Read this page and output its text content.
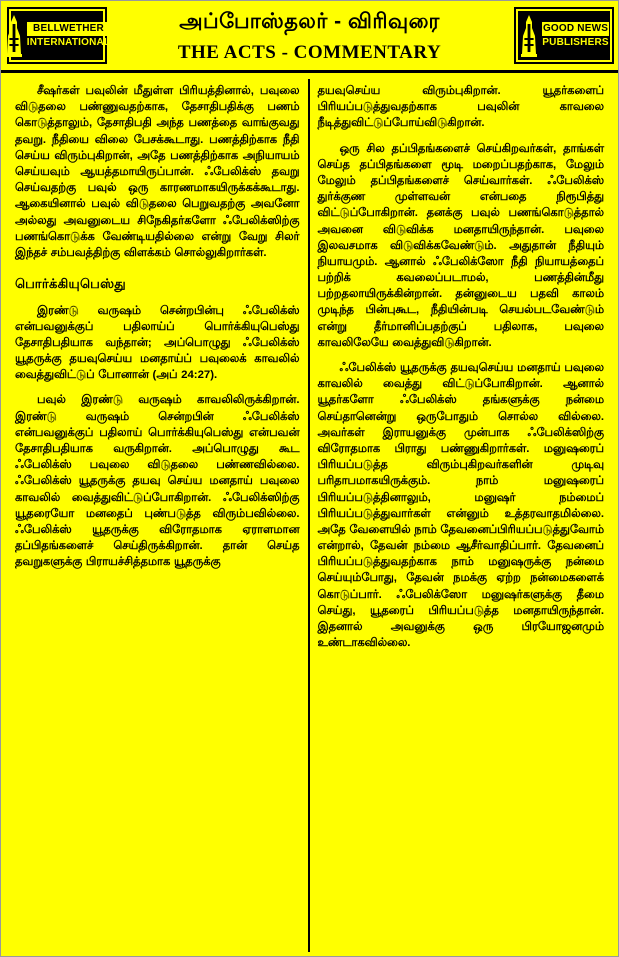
BELLWETHER
INTERNATIONAL
அப்போஸ்தலர் - விரிவுரை
THE ACTS - COMMENTARY
GOOD NEWS
PUBLISHERS

சீஷர்கள் பவுலின் மீதுள்ள பிரியத்தினால், பவுலை விடுதலை பண்ணுவதற்காக, தேசாதிபதிக்கு பணம் கொடுத்தாலும், தேசாதிபதி அந்த பணத்தை வாங்குவது தவறு. நீதியை விலை பேசக்கூடாது. பணத்திற்காக நீதி செய்ய விரும்புகிறான், அதே பணத்திற்காக அநியாயம் செய்யவும் ஆயத்தமாயிருப்பான். ஃபேலிக்ஸ் தவறு செய்வதற்கு பவுல் ஒரு காரணமாகயிருக்கக்கூடாது. ஆகையினால் பவுல் விடுதலை பெறுவதற்கு அவனோ அல்லது அவனுடைய சிநேகிதர்களோ ஃபேலிக்ஸிற்கு பணங்கொடுக்க வேண்டியதில்லை என்று வேறு சிலர் இந்தச் சம்பவத்திற்கு விளக்கம் சொல்லுகிறார்கள்.

பொர்க்கியுபெஸ்து

இரண்டு வருஷம் சென்றபின்பு ஃபேலிக்ஸ் என்பவனுக்குப் பதிலாய்ப் பொர்க்கியுபெஸ்து தேசாதிபதியாக வந்தான்; அப்பொழுது ஃபேலிக்ஸ் யூதருக்கு தயவுசெய்ய மனதாய்ப் பவுலைக் காவலில் வைத்துவிட்டுப் போனான் (அப் 24:27).

பவுல் இரண்டு வருஷம் காவலிலிருக்கிறான். இரண்டு வருஷம் சென்றபின் ஃபேலிக்ஸ் என்பவனுக்குப் பதிலாய் பொர்க்கியுபெஸ்து என்பவன் தேசாதிபதியாக வருகிறான். அப்பொழுது கூட ஃபேலிக்ஸ் பவுலை விடுதலை பண்ணவில்லை. ஃபேலிக்ஸ் யூதருக்கு தயவு செய்ய மனதாய் பவுலை காவலில் வைத்துவிட்டுப்போகிறான். ஃபேலிக்ஸிற்கு யூதரையோ மனதைப் புண்படுத்த விரும்பவில்லை. ஃபேலிக்ஸ் யூதருக்கு விரோதமாக ஏராளமான தப்பிதங்களைச் செய்திருக்கிறான். தான் செய்த தவறுகளுக்கு பிராயச்சித்தமாக யூதருக்கு

தயவுசெய்ய விரும்புகிறான். யூதர்களைப் பிரியப்படுத்துவதற்காக பவுலின் காவலை நீடித்துவிட்டுப்போய்விடுகிறான்.

ஒரு சில தப்பிதங்களைச் செய்கிறவர்கள், தாங்கள் செய்த தப்பிதங்களை மூடி மறைப்பதற்காக, மேலும் மேலும் தப்பிதங்களைச் செய்வார்கள். ஃபேலிக்ஸ் துர்க்குண முள்ளவன் என்பதை நிரூபித்து விட்டுப்போகிறான். தனக்கு பவுல் பணங்கொடுத்தால் அவனை விடுவிக்க மனதாயிருந்தான். பவுலை இலவசமாக விடுவிக்கவேண்டும். அதுதான் நீதியும் நியாயமும். ஆனால் ஃபேலிக்ஸோ நீதி நியாயத்தைப் பற்றிக் கவலைப்படாமல், பணத்தின்மீது பற்றதலாயிருக்கின்றான். தன்னுடைய பதவி காலம் முடிந்த பின்புகூட, நீதியின்படி செயல்படவேண்டும் என்று தீர்மானிப்பதற்குப் பதிலாக, பவுலை காவலிலேயே வைத்துவிடுகிறான்.

ஃபேலிக்ஸ் யூதருக்கு தயவுசெய்ய மனதாய் பவுலை காவலில் வைத்து விட்டுப்போகிறான். ஆனால் யூதர்களோ ஃபேலிக்ஸ் தங்களுக்கு நன்மை செய்தானென்று ஒருபோதும் சொல்ல வில்லை. அவர்கள் இராயனுக்கு முன்பாக ஃபேலிக்ஸிற்கு விரோதமாக பிராது பண்ணுகிறார்கள். மனுஷரைப் பிரியப்படுத்த விரும்புகிறவர்களின் முடிவு பரிதாபமாகயிருக்கும். நாம் மனுஷரைப் பிரியப்படுத்தினாலும், மனுஷர் நம்மைப் பிரியப்படுத்துவார்கள் என்னும் உத்தரவாதமில்லை. அதே வேளையில் நாம் தேவனைப்பிரியப்படுத்துவோம் என்றால், தேவன் நம்மை ஆசீர்வாதிப்பார். தேவனைப் பிரியப்படுத்துவதற்காக நாம் மனுஷருக்கு நன்மை செய்யும்போது, தேவன் நமக்கு ஏற்ற நன்மைகளைக் கொடுப்பார். ஃபேலிக்ஸோ மனுஷர்களுக்கு தீமை செய்து, யூதரைப் பிரியப்படுத்த மனதாயிருந்தான். இதனால் அவனுக்கு ஒரு பிரயோஜனமும் உண்டாகவில்லை.
